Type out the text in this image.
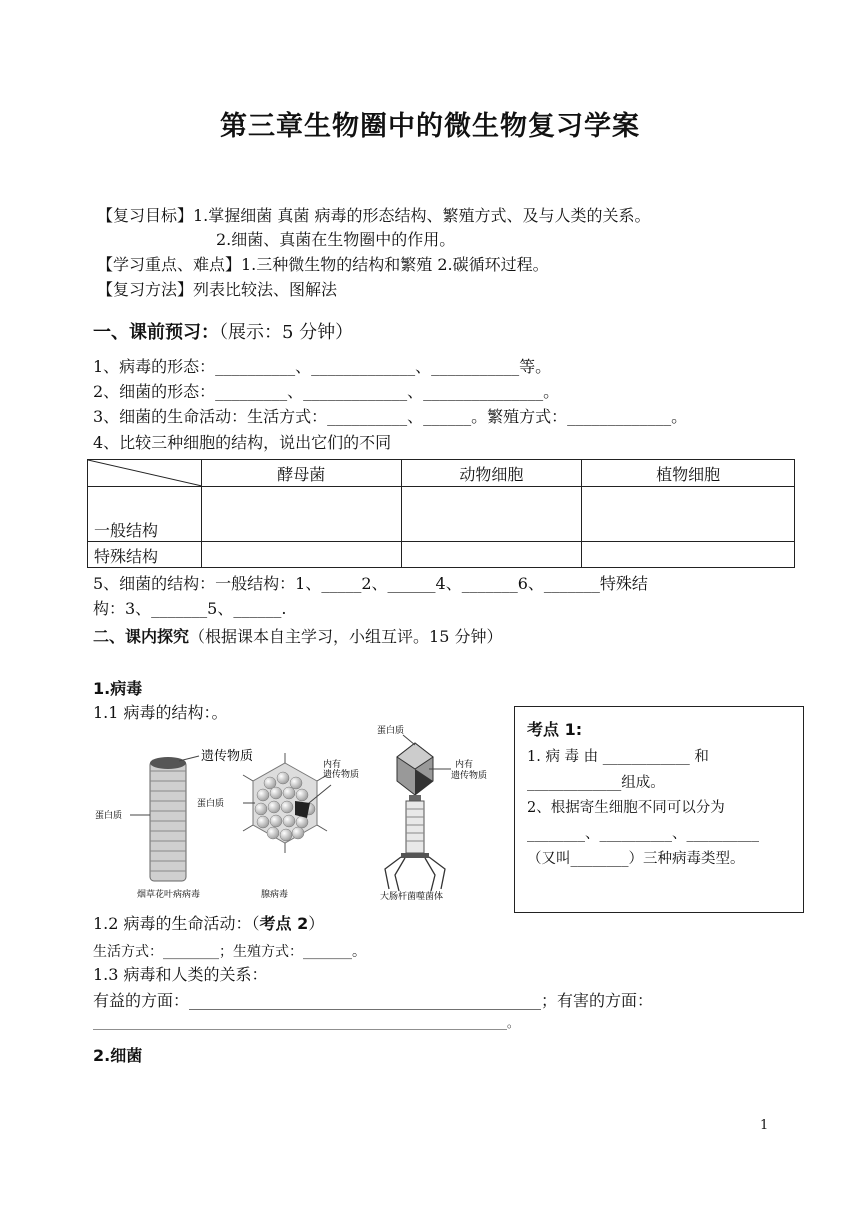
第三章生物圈中的微生物复习学案
【复习目标】1.掌握细菌 真菌 病毒的形态结构、繁殖方式、及与人类的关系。
2.细菌、真菌在生物圈中的作用。
【学习重点、难点】1.三种微生物的结构和繁殖 2.碳循环过程。
【复习方法】列表比较法、图解法
一、课前预习：（展示：5 分钟）
1、病毒的形态：__________、_____________、___________等。
2、细菌的形态：_________、_____________、_______________。
3、细菌的生命活动：生活方式：__________、______。繁殖方式：_____________。
4、比较三种细胞的结构，说出它们的不同
	酵母菌	动物细胞	植物细胞
一般结构			
特殊结构			
5、细菌的结构：一般结构：1、_____2、______4、_______6、_______特殊结
构：3、_______5、______.
二、课内探究（根据课本自主学习，小组互评。15 分钟）
1.病毒
1.1 病毒的结构：。
遗传物质
蛋白质
烟草花叶病病毒
内有
遗传物质
蛋白质
腺病毒
蛋白质
内有
遗传物质
大肠杆菌噬菌体
考点 1:
1. 病 毒 由 ____________ 和
_____________组成。
2、根据寄生细胞不同可以分为
________、__________、__________
（又叫________）三种病毒类型。
1.2 病毒的生命活动：（考点 2）
生活方式：________；生殖方式：_______。
1.3 病毒和人类的关系：
有益的方面：____________________________________________；有害的方面：
_____________________________________________________________________。
2.细菌
1
